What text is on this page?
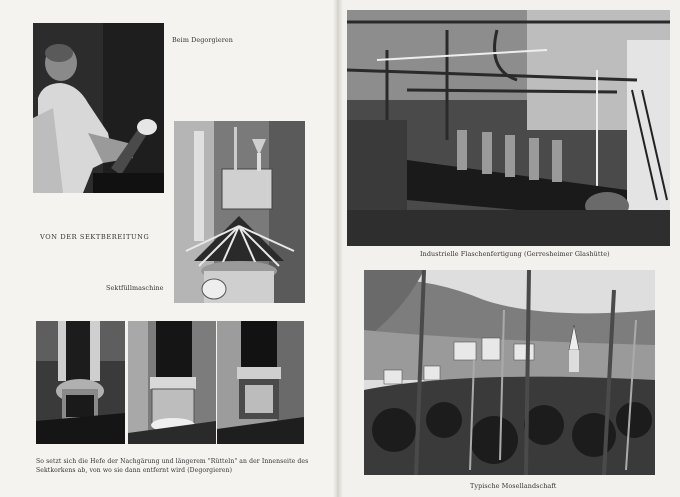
Beim Degorgieren
VON DER SEKTBEREITUNG
Sektfüllmaschine
So setzt sich die Hefe der Nachgärung und längerem "Rütteln" an der Innenseite des
Sektkorkens ab, von wo sie dann entfernt wird (Degorgieren)
Industrielle Flaschenfertigung (Gerresheimer Glashütte)
Typische Mosellandschaft
